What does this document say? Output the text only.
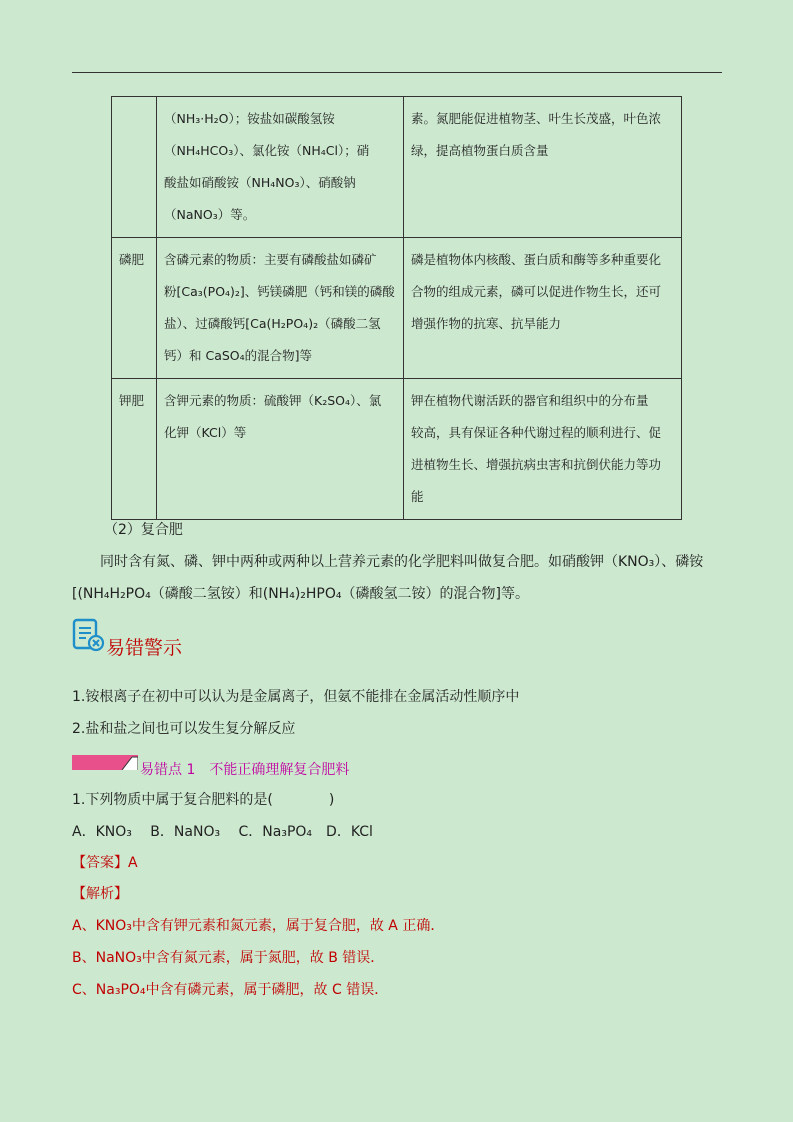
	（NH₃·H₂O）；铵盐如碳酸氢铵
（NH₄HCO₃）、氯化铵（NH₄Cl）；硝
酸盐如硝酸铵（NH₄NO₃）、硝酸钠
（NaNO₃）等。	素。氮肥能促进植物茎、叶生长茂盛，叶色浓
绿，提高植物蛋白质含量

磷肥	含磷元素的物质：主要有磷酸盐如磷矿
粉[Ca₃(PO₄)₂]、钙镁磷肥（钙和镁的磷酸
盐）、过磷酸钙[Ca(H₂PO₄)₂（磷酸二氢
钙）和 CaSO₄的混合物]等	磷是植物体内核酸、蛋白质和酶等多种重要化
合物的组成元素，磷可以促进作物生长，还可
增强作物的抗寒、抗旱能力

钾肥	含钾元素的物质：硫酸钾（K₂SO₄）、氯
化钾（KCl）等	钾在植物代谢活跃的器官和组织中的分布量
较高，具有保证各种代谢过程的顺利进行、促
进植物生长、增强抗病虫害和抗倒伏能力等功
能
（2）复合肥
同时含有氮、磷、钾中两种或两种以上营养元素的化学肥料叫做复合肥。如硝酸钾（KNO₃）、磷铵
[(NH₄H₂PO₄（磷酸二氢铵）和(NH₄)₂HPO₄（磷酸氢二铵）的混合物]等。
易错警示
1.铵根离子在初中可以认为是金属离子，但氨不能排在金属活动性顺序中
2.盐和盐之间也可以发生复分解反应
易错点 1　不能正确理解复合肥料
1.下列物质中属于复合肥料的是(　　　　)
A．KNO₃　 B．NaNO₃　 C．Na₃PO₄　D．KCl
【答案】A
【解析】
A、KNO₃中含有钾元素和氮元素，属于复合肥，故 A 正确．
B、NaNO₃中含有氮元素，属于氮肥，故 B 错误．
C、Na₃PO₄中含有磷元素，属于磷肥，故 C 错误．
